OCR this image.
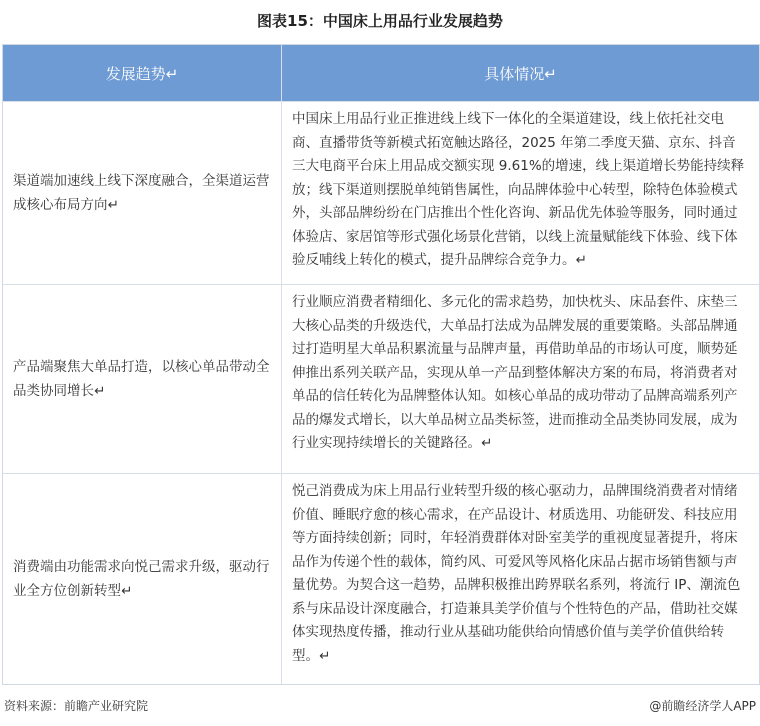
图表15：中国床上用品行业发展趋势
发展趋势↵	具体情况↵
渠道端加速线上线下深度融合，全渠道运营成核心布局方向↵
中国床上用品行业正推进线上线下一体化的全渠道建设，线上依托社交电
商、直播带货等新模式拓宽触达路径，2025 年第二季度天猫、京东、抖音
三大电商平台床上用品成交额实现 9.61%的增速，线上渠道增长势能持续释
放；线下渠道则摆脱单纯销售属性，向品牌体验中心转型，除特色体验模式
外，头部品牌纷纷在门店推出个性化咨询、新品优先体验等服务，同时通过
体验店、家居馆等形式强化场景化营销，以线上流量赋能线下体验、线下体
验反哺线上转化的模式，提升品牌综合竞争力。↵
产品端聚焦大单品打造，以核心单品带动全品类协同增长↵
行业顺应消费者精细化、多元化的需求趋势，加快枕头、床品套件、床垫三
大核心品类的升级迭代，大单品打法成为品牌发展的重要策略。头部品牌通
过打造明星大单品积累流量与品牌声量，再借助单品的市场认可度，顺势延
伸推出系列关联产品，实现从单一产品到整体解决方案的布局，将消费者对
单品的信任转化为品牌整体认知。如核心单品的成功带动了品牌高端系列产
品的爆发式增长，以大单品树立品类标签，进而推动全品类协同发展，成为
行业实现持续增长的关键路径。↵
消费端由功能需求向悦己需求升级，驱动行业全方位创新转型↵
悦己消费成为床上用品行业转型升级的核心驱动力，品牌围绕消费者对情绪
价值、睡眠疗愈的核心需求，在产品设计、材质选用、功能研发、科技应用
等方面持续创新；同时，年轻消费群体对卧室美学的重视度显著提升，将床
品作为传递个性的载体，简约风、可爱风等风格化床品占据市场销售额与声
量优势。为契合这一趋势，品牌积极推出跨界联名系列，将流行 IP、潮流色
系与床品设计深度融合，打造兼具美学价值与个性特色的产品，借助社交媒
体实现热度传播，推动行业从基础功能供给向情感价值与美学价值供给转
型。↵
资料来源：前瞻产业研究院	@前瞻经济学人APP
